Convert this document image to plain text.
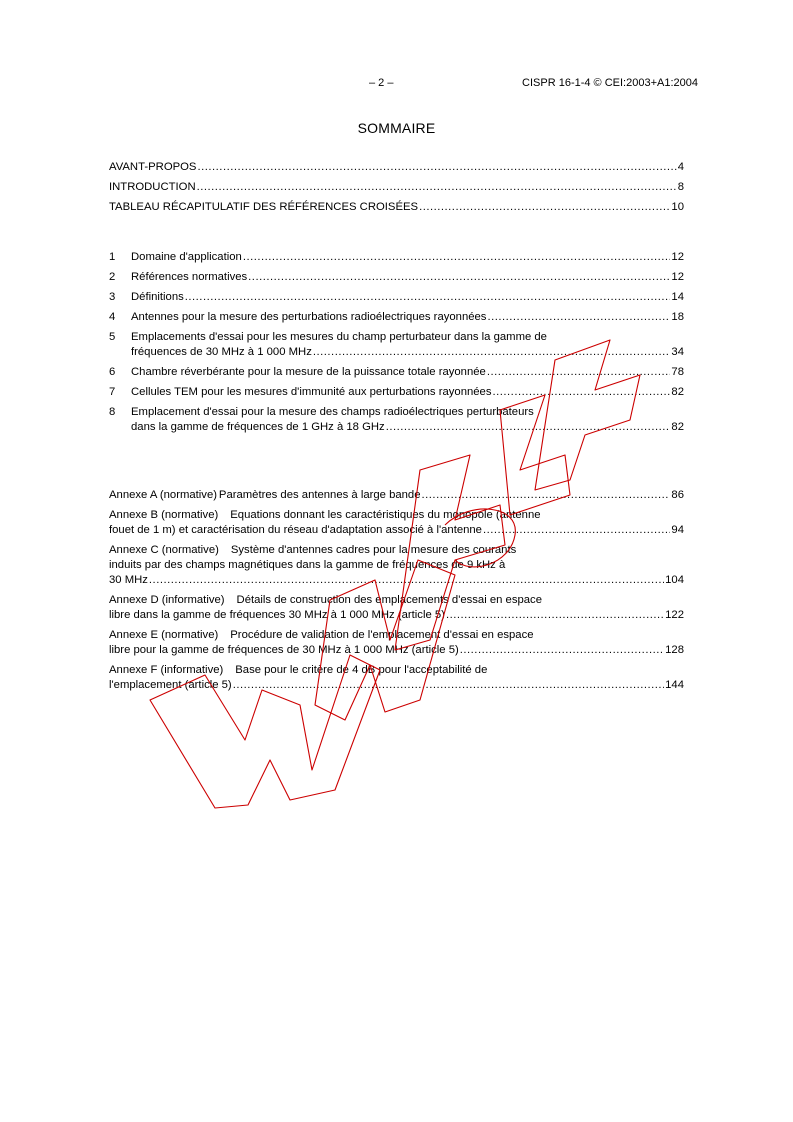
– 2 –	CISPR 16-1-4 © CEI:2003+A1:2004
SOMMAIRE
AVANT-PROPOS .....	4
INTRODUCTION .....	8
TABLEAU RÉCAPITULATIF DES RÉFÉRENCES CROISÉES .....	10
1	Domaine d'application .....	12
2	Références normatives .....	12
3	Définitions .....	14
4	Antennes pour la mesure des perturbations radioélectriques rayonnées .....	18
5	Emplacements d'essai pour les mesures du champ perturbateur dans la gamme de
fréquences de 30 MHz à 1 000 MHz .....	34
6	Chambre réverbérante pour la mesure de la puissance totale rayonnée .....	78
7	Cellules TEM pour les mesures d'immunité aux perturbations rayonnées .....	82
8	Emplacement d'essai pour la mesure des champs radioélectriques perturbateurs
dans la gamme de fréquences de 1 GHz à 18 GHz .....	82
Annexe A (normative) Paramètres des antennes à large bande .....	86
Annexe B (normative) Equations donnant les caractéristiques du monopole (antenne
fouet de 1 m) et caractérisation du réseau d'adaptation associé à l'antenne .....	94
Annexe C (normative) Système d'antennes cadres pour la mesure des courants
induits par des champs magnétiques dans la gamme de fréquences de 9 kHz à
30 MHz .....	104
Annexe D (informative) Détails de construction des emplacements d'essai en espace
libre dans la gamme de fréquences 30 MHz à 1 000 MHz (article 5) .....	122
Annexe E (normative) Procédure de validation de l'emplacement d'essai en espace
libre pour la gamme de fréquences de 30 MHz à 1 000 MHz (article 5) .....	128
Annexe F (informative) Base pour le critère de 4 dB pour l'acceptabilité de
l'emplacement (article 5) .....	144
